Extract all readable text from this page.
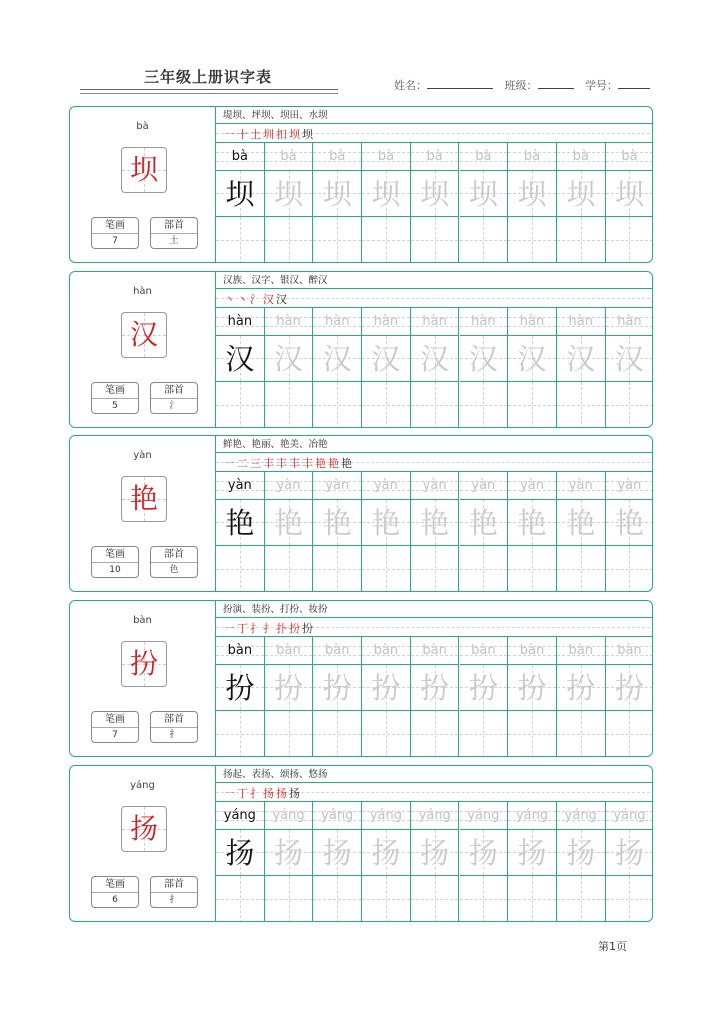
三年级上册识字表	姓名：	班级：	学号：
bà
坝
笔画
7
部首
土
堤坝、坪坝、坝田、水坝
㇐ 十 土 圳 扣 坝 坝
bà
坝
bà
坝
bà
坝
bà
坝
bà
坝
bà
坝
bà
坝
bà
坝
bà
坝
hàn
汉
笔画
5
部首
氵
汉族、汉字、银汉、醉汉
丶 丶 氵 汉 汉
hàn
汉
hàn
汉
hàn
汉
hàn
汉
hàn
汉
hàn
汉
hàn
汉
hàn
汉
hàn
汉
yàn
艳
笔画
10
部首
色
鲜艳、艳丽、艳美、冶艳
㇐ 二 三 丰 丰 丰 丰 艳 艳 艳
yàn
艳
yàn
艳
yàn
艳
yàn
艳
yàn
艳
yàn
艳
yàn
艳
yàn
艳
yàn
艳
bàn
扮
笔画
7
部首
扌
扮演、装扮、打扮、妆扮
㇐ 丁 扌 扌 扑 扮 扮
bàn
扮
bàn
扮
bàn
扮
bàn
扮
bàn
扮
bàn
扮
bàn
扮
bàn
扮
bàn
扮
yáng
扬
笔画
6
部首
扌
扬起、表扬、颂扬、悠扬
㇐ 丁 扌 扬 扬 扬
yáng
扬
yáng
扬
yáng
扬
yáng
扬
yáng
扬
yáng
扬
yáng
扬
yáng
扬
yáng
扬
第1页
